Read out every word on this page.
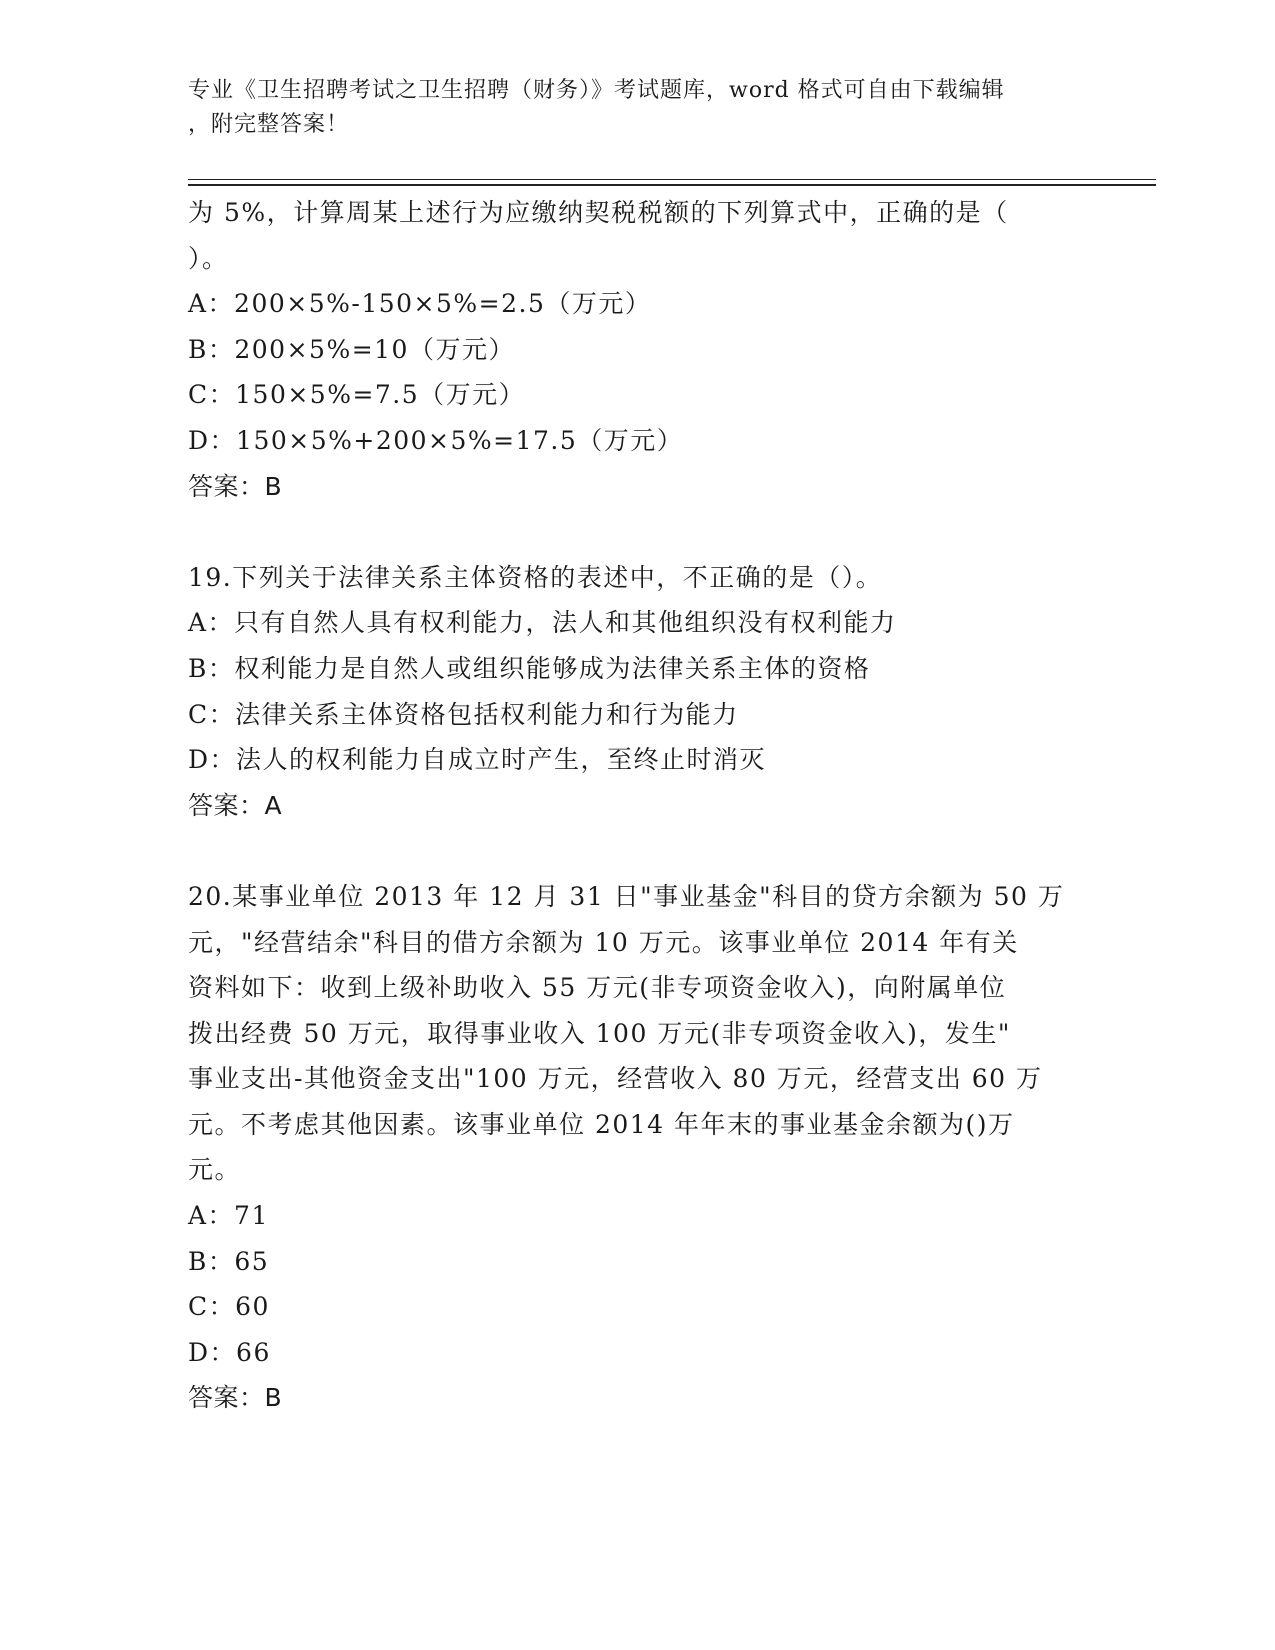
专业《卫生招聘考试之卫生招聘（财务）》考试题库，word 格式可自由下载编辑
，附完整答案！
为 5%，计算周某上述行为应缴纳契税税额的下列算式中，正确的是（
）。
A：200×5%-150×5%=2.5（万元）
B：200×5%=10（万元）
C：150×5%=7.5（万元）
D：150×5%+200×5%=17.5（万元）
答案：B
19.下列关于法律关系主体资格的表述中，不正确的是（）。
A：只有自然人具有权利能力，法人和其他组织没有权利能力
B：权利能力是自然人或组织能够成为法律关系主体的资格
C：法律关系主体资格包括权利能力和行为能力
D：法人的权利能力自成立时产生，至终止时消灭
答案：A
20.某事业单位 2013 年 12 月 31 日"事业基金"科目的贷方余额为 50 万
元，"经营结余"科目的借方余额为 10 万元。该事业单位 2014 年有关
资料如下：收到上级补助收入 55 万元(非专项资金收入)，向附属单位
拨出经费 50 万元，取得事业收入 100 万元(非专项资金收入)，发生"
事业支出-其他资金支出"100 万元，经营收入 80 万元，经营支出 60 万
元。不考虑其他因素。该事业单位 2014 年年末的事业基金余额为()万
元。
A：71
B：65
C：60
D：66
答案：B
